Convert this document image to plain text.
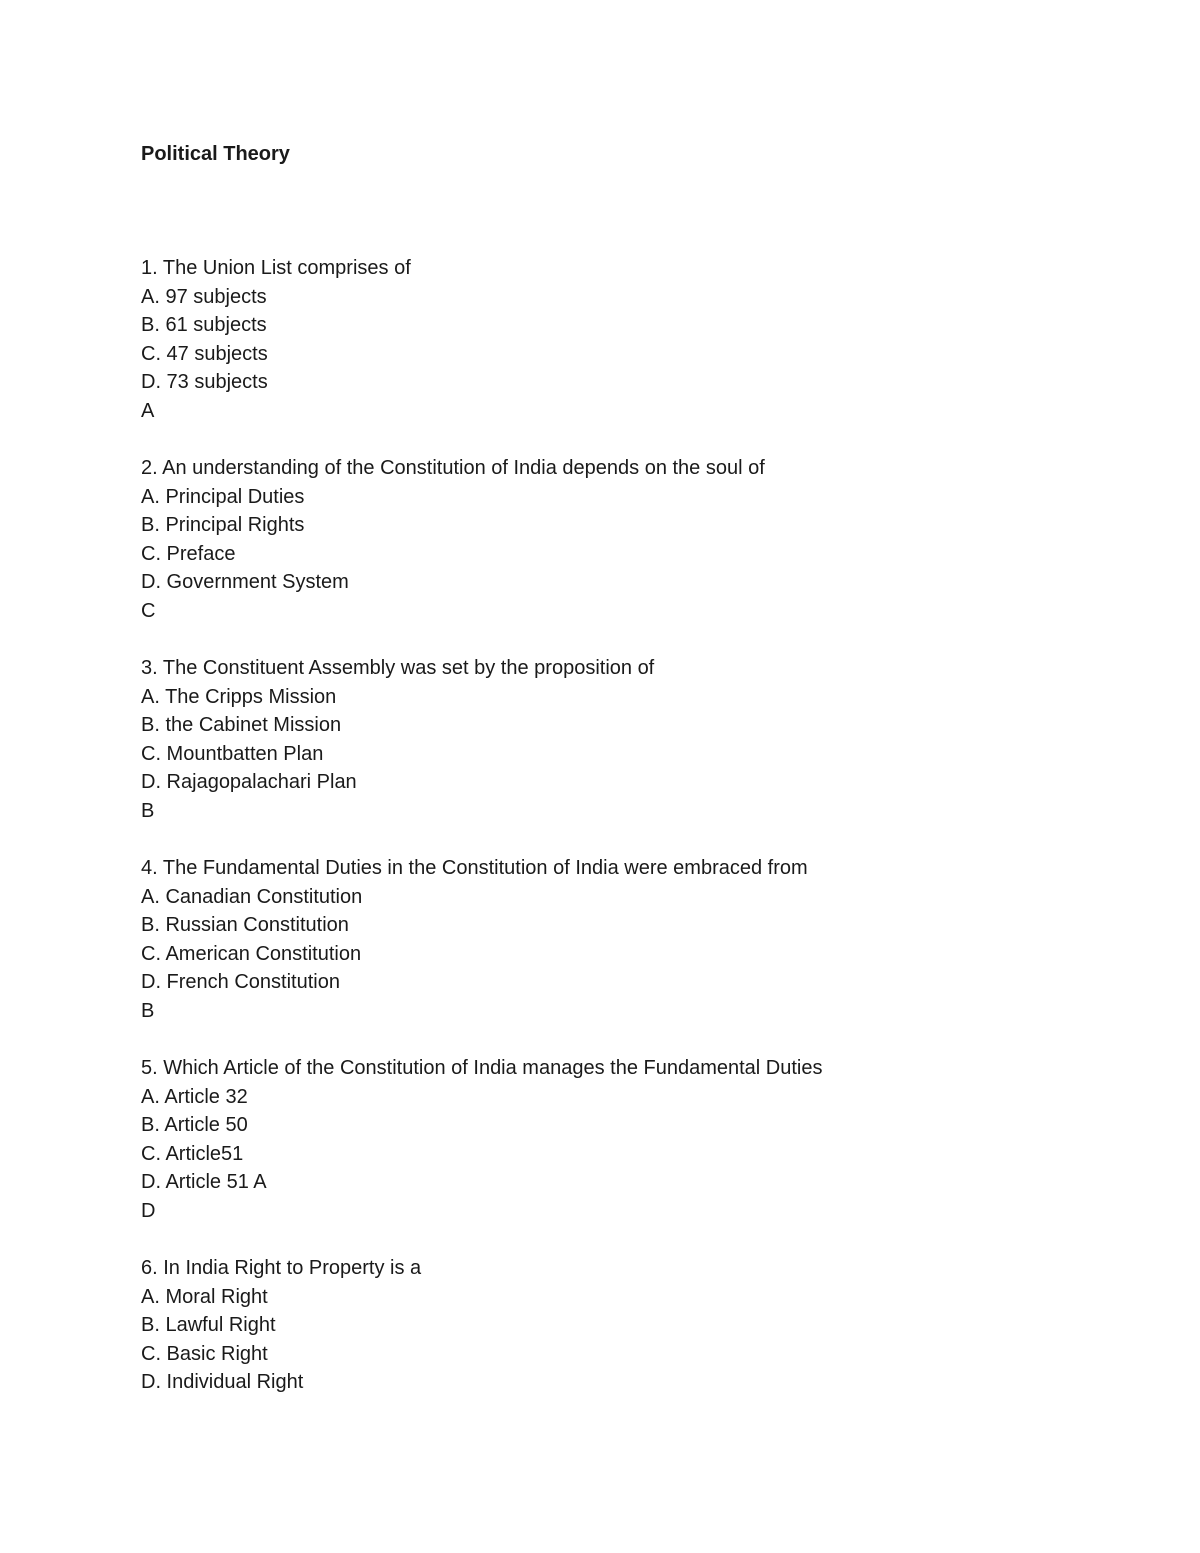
Political Theory
1. The Union List comprises of
A. 97 subjects
B. 61 subjects
C. 47 subjects
D. 73 subjects
A
2. An understanding of the Constitution of India depends on the soul of
A. Principal Duties
B. Principal Rights
C. Preface
D. Government System
C
3. The Constituent Assembly was set by the proposition of
A. The Cripps Mission
B. the Cabinet Mission
C. Mountbatten Plan
D. Rajagopalachari Plan
B
4. The Fundamental Duties in the Constitution of India were embraced from
A. Canadian Constitution
B. Russian Constitution
C. American Constitution
D. French Constitution
B
5. Which Article of the Constitution of India manages the Fundamental Duties
A. Article 32
B. Article 50
C. Article51
D. Article 51 A
D
6. In India Right to Property is a
A. Moral Right
B. Lawful Right
C. Basic Right
D. Individual Right
